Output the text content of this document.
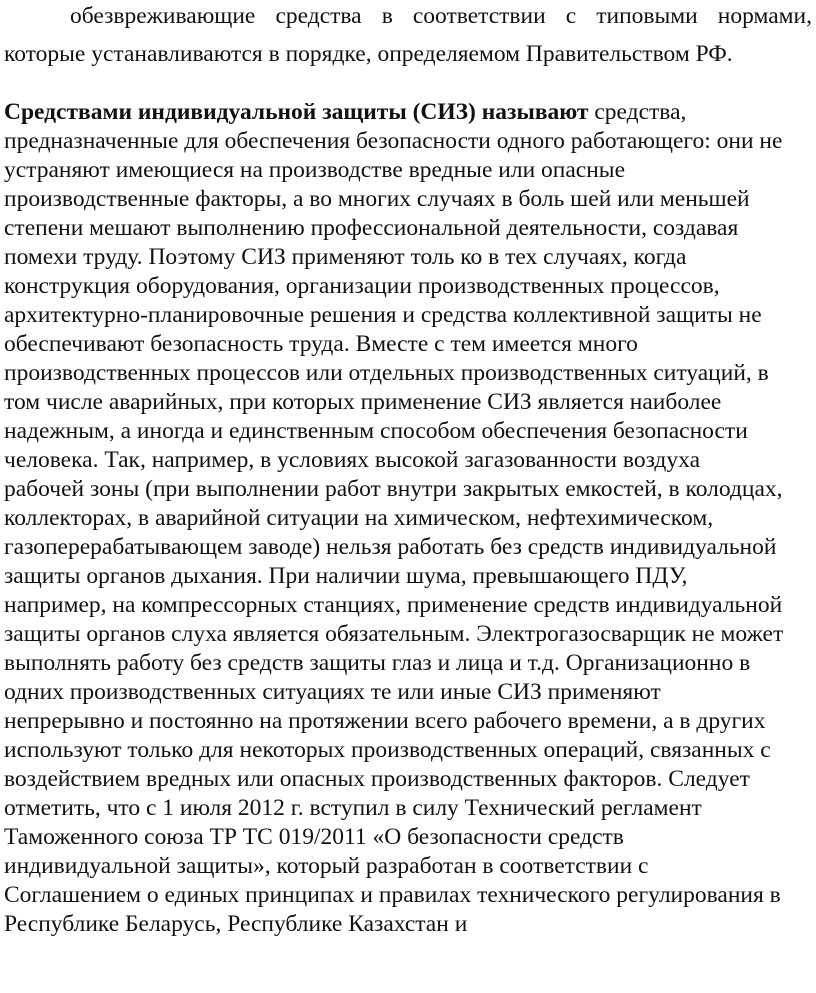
обезвреживающие средства в соответствии с типовыми нормами,
которые устанавливаются в порядке, определяемом Правительством РФ.
Средствами индивидуальной защиты (СИЗ) называют средства,
предназначенные для обеспечения безопасности одного работающего: они не
устраняют имеющиеся на производстве вредные или опасные
производственные факторы, а во многих случаях в боль шей или меньшей
степени мешают выполнению профессиональной деятельности, создавая
помехи труду. Поэтому СИЗ применяют толь ко в тех случаях, когда
конструкция оборудования, организации производственных процессов,
архитектурно-планировочные решения и средства коллективной защиты не
обеспечивают безопасность труда. Вместе с тем имеется много
производственных процессов или отдельных производственных ситуаций, в
том числе аварийных, при которых применение СИЗ является наиболее
надежным, а иногда и единственным способом обеспечения безопасности
человека. Так, например, в условиях высокой загазованности воздуха
рабочей зоны (при выполнении работ внутри закрытых емкостей, в колодцах,
коллекторах, в аварийной ситуации на химическом, нефтехимическом,
газоперерабатывающем заводе) нельзя работать без средств индивидуальной
защиты органов дыхания. При наличии шума, превышающего ПДУ,
например, на компрессорных станциях, применение средств индивидуальной
защиты органов слуха является обязательным. Электрогазосварщик не может
выполнять работу без средств защиты глаз и лица и т.д. Организационно в
одних производственных ситуациях те или иные СИЗ применяют
непрерывно и постоянно на протяжении всего рабочего времени, а в других
используют только для некоторых производственных операций, связанных с
воздействием вредных или опасных производственных факторов. Следует
отметить, что с 1 июля 2012 г. вступил в силу Технический регламент
Таможенного союза ТР ТС 019/2011 «О безопасности средств
индивидуальной защиты», который разработан в соответствии с
Соглашением о единых принципах и правилах технического регулирования в
Республике Беларусь, Республике Казахстан и
